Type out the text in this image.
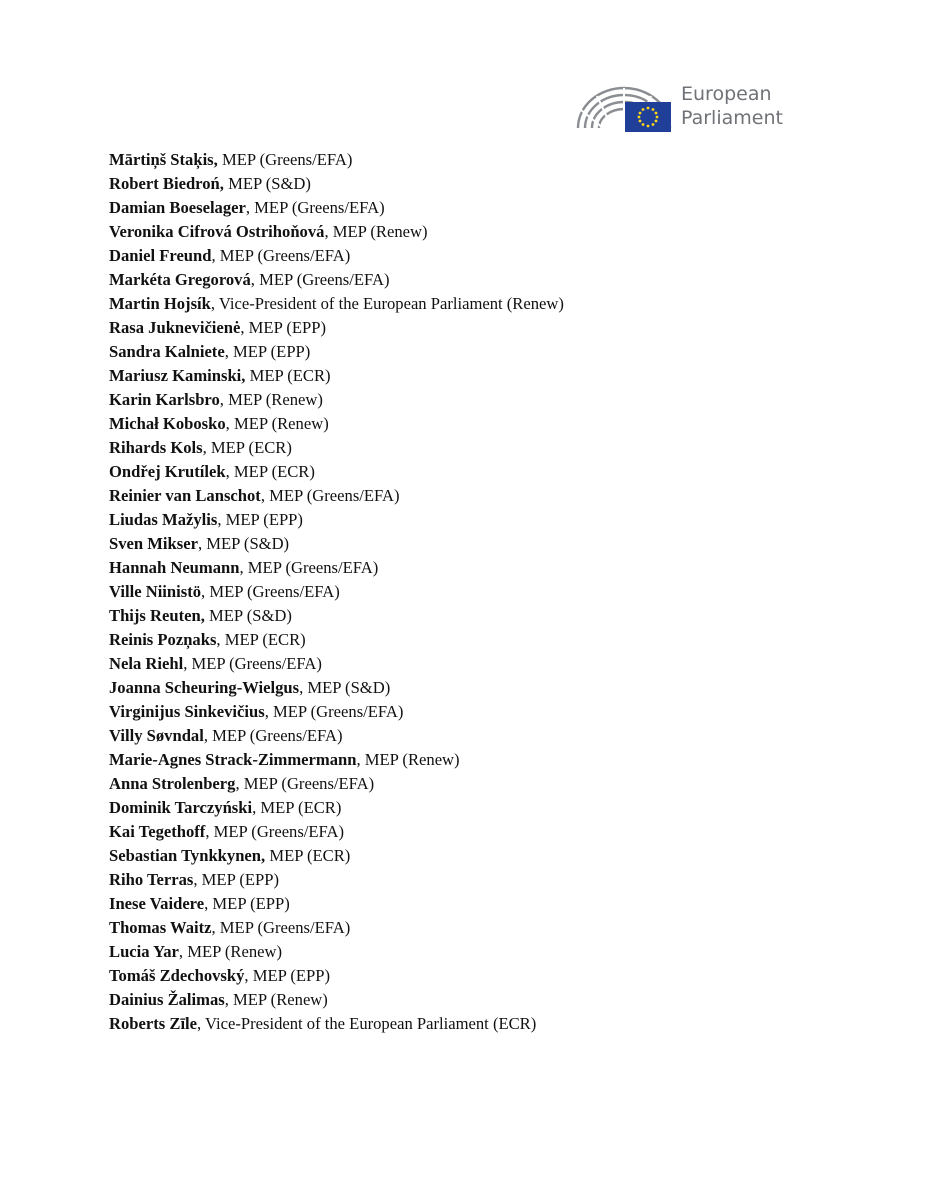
European
Parliament
Mārtiņš Staķis, MEP (Greens/EFA)
Robert Biedroń, MEP (S&D)
Damian Boeselager, MEP (Greens/EFA)
Veronika Cifrová Ostrihoňová, MEP (Renew)
Daniel Freund, MEP (Greens/EFA)
Markéta Gregorová, MEP (Greens/EFA)
Martin Hojsík, Vice-President of the European Parliament (Renew)
Rasa Juknevičienė, MEP (EPP)
Sandra Kalniete, MEP (EPP)
Mariusz Kaminski, MEP (ECR)
Karin Karlsbro, MEP (Renew)
Michał Kobosko, MEP (Renew)
Rihards Kols, MEP (ECR)
Ondřej Krutílek, MEP (ECR)
Reinier van Lanschot, MEP (Greens/EFA)
Liudas Mažylis, MEP (EPP)
Sven Mikser, MEP (S&D)
Hannah Neumann, MEP (Greens/EFA)
Ville Niinistö, MEP (Greens/EFA)
Thijs Reuten, MEP (S&D)
Reinis Pozņaks, MEP (ECR)
Nela Riehl, MEP (Greens/EFA)
Joanna Scheuring-Wielgus, MEP (S&D)
Virginijus Sinkevičius, MEP (Greens/EFA)
Villy Søvndal, MEP (Greens/EFA)
Marie-Agnes Strack-Zimmermann, MEP (Renew)
Anna Strolenberg, MEP (Greens/EFA)
Dominik Tarczyński, MEP (ECR)
Kai Tegethoff, MEP (Greens/EFA)
Sebastian Tynkkynen, MEP (ECR)
Riho Terras, MEP (EPP)
Inese Vaidere, MEP (EPP)
Thomas Waitz, MEP (Greens/EFA)
Lucia Yar, MEP (Renew)
Tomáš Zdechovský, MEP (EPP)
Dainius Žalimas, MEP (Renew)
Roberts Zīle, Vice-President of the European Parliament (ECR)
